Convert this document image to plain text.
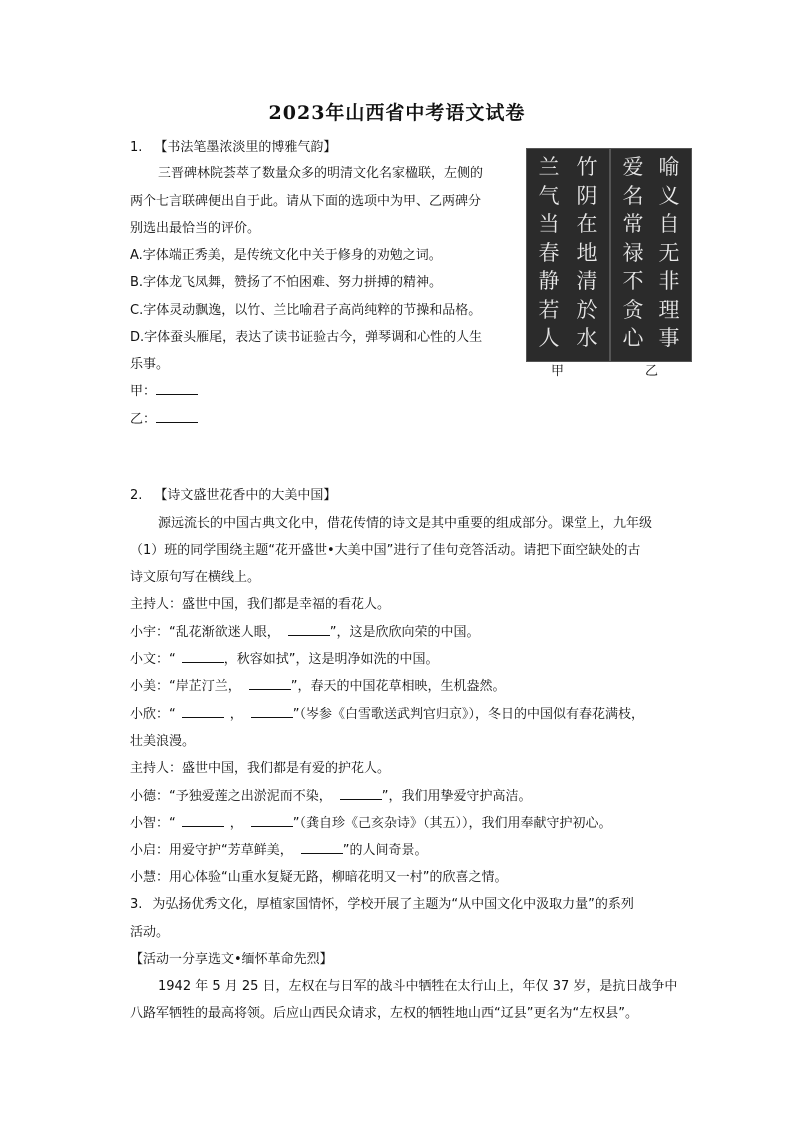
2023年山西省中考语文试卷
1. 【书法笔墨浓淡里的博雅气韵】
三晋碑林院荟萃了数量众多的明清文化名家楹联，左侧的
两个七言联碑便出自于此。请从下面的选项中为甲、乙两碑分
别选出最恰当的评价。
A.字体端正秀美，是传统文化中关于修身的劝勉之词。
B.字体龙飞凤舞，赞扬了不怕困难、努力拼搏的精神。
C.字体灵动飘逸，以竹、兰比喻君子高尚纯粹的节操和品格。
D.字体蚕头雁尾，表达了读书证验古今，弹琴调和心性的人生
乐事。
甲：
乙：
竹
阴
在
地
清
於
水
兰
气
当
春
静
若
人
喻
义
自
无
非
理
事
爱
名
常
禄
不
贪
心
甲	乙
2. 【诗文盛世花香中的大美中国】
源远流长的中国古典文化中，借花传情的诗文是其中重要的组成部分。课堂上，九年级
（1）班的同学围绕主题“花开盛世•大美中国”进行了佳句竞答活动。请把下面空缺处的古
诗文原句写在横线上。
主持人：盛世中国，我们都是幸福的看花人。
小宇：“乱花渐欲迷人眼，	”，这是欣欣向荣的中国。
小文：“	，秋容如拭”，这是明净如洗的中国。
小美：“岸芷汀兰，	”，春天的中国花草相映，生机盎然。
小欣：“	，	”（岑参《白雪歌送武判官归京》），冬日的中国似有春花满枝，
壮美浪漫。
主持人：盛世中国，我们都是有爱的护花人。
小德：“予独爱莲之出淤泥而不染，	”，我们用挚爱守护高洁。
小智：“	，	”（龚自珍《己亥杂诗》（其五）），我们用奉献守护初心。
小启：用爱守护“芳草鲜美，	”的人间奇景。
小慧：用心体验“山重水复疑无路，柳暗花明又一村”的欣喜之情。
3. 为弘扬优秀文化，厚植家国情怀，学校开展了主题为“从中国文化中汲取力量”的系列
活动。
【活动一分享选文•缅怀革命先烈】
1942 年 5 月 25 日，左权在与日军的战斗中牺牲在太行山上，年仅 37 岁，是抗日战争中
八路军牺牲的最高将领。后应山西民众请求，左权的牺牲地山西“辽县”更名为“左权县”。
